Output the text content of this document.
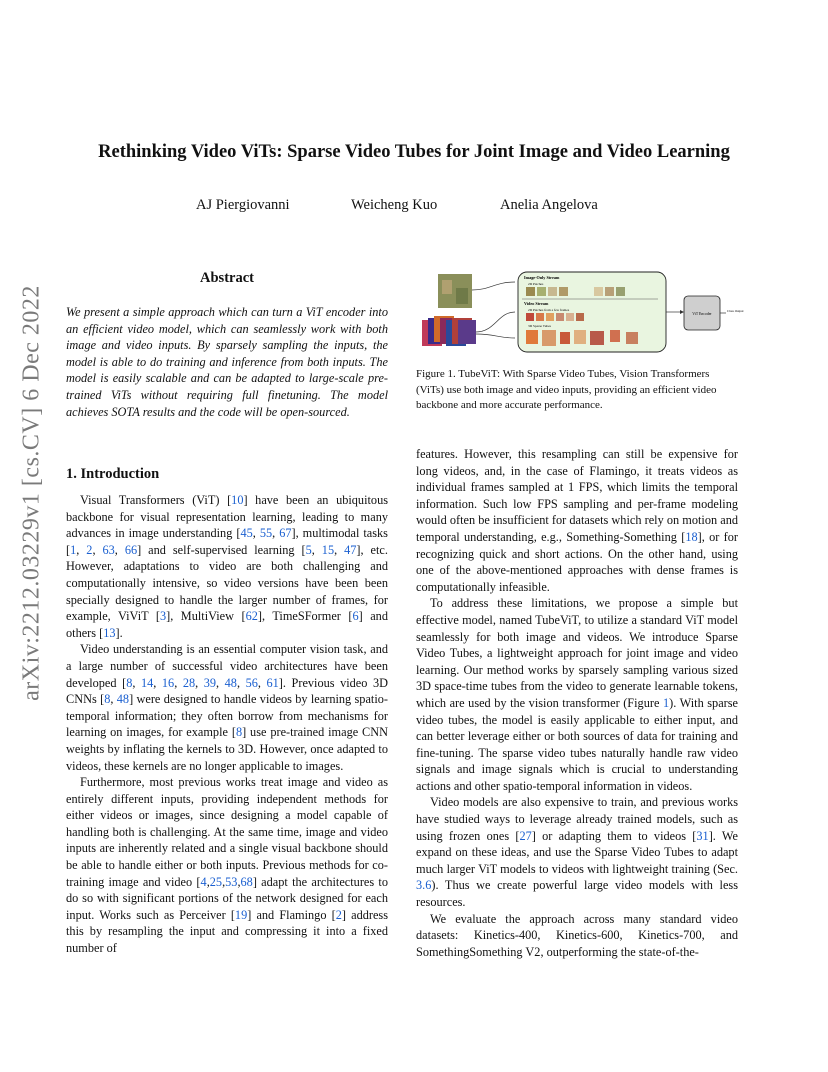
Rethinking Video ViTs: Sparse Video Tubes for Joint Image and Video Learning
AJ Piergiovanni	Weicheng Kuo	Anelia Angelova
arXiv:2212.03229v1 [cs.CV] 6 Dec 2022
Abstract
We present a simple approach which can turn a ViT encoder into an efficient video model, which can seamlessly work with both image and video inputs. By sparsely sampling the inputs, the model is able to do training and inference from both inputs. The model is easily scalable and can be adapted to large-scale pre-trained ViTs without requiring full finetuning. The model achieves SOTA results and the code will be open-sourced.
1. Introduction

Visual Transformers (ViT) [10] have been an ubiquitous backbone for visual representation learning, leading to many advances in image understanding [45, 55, 67], multimodal tasks [1, 2, 63, 66] and self-supervised learning [5, 15, 47], etc. However, adaptations to video are both challenging and computationally intensive, so video versions have been been specially designed to handle the larger number of frames, for example, ViViT [3], MultiView [62], TimeSFormer [6] and others [13].

Video understanding is an essential computer vision task, and a large number of successful video architectures have been developed [8, 14, 16, 28, 39, 48, 56, 61]. Previous video 3D CNNs [8, 48] were designed to handle videos by learning spatio-temporal information; they often borrow from mechanisms for learning on images, for example [8] use pre-trained image CNN weights by inflating the kernels to 3D. However, once adapted to videos, these kernels are no longer applicable to images.

Furthermore, most previous works treat image and video as entirely different inputs, providing independent methods for either videos or images, since designing a model capable of handling both is challenging. At the same time, image and video inputs are inherently related and a single visual backbone should be able to handle either or both inputs. Previous methods for co-training image and video [4,25,53,68] adapt the architectures to do so with significant portions of the network designed for each input. Works such as Perceiver [19] and Flamingo [2] address this by resampling the input and compressing it into a fixed number of

Image-Only Stream
2D Patches
Video Stream
2D Patches from a few frames
3D Sparse Tubes
ViT Encoder
Class Output
Figure 1. TubeViT: With Sparse Video Tubes, Vision Transformers (ViTs) use both image and video inputs, providing an efficient video backbone and more accurate performance.

features. However, this resampling can still be expensive for long videos, and, in the case of Flamingo, it treats videos as individual frames sampled at 1 FPS, which limits the temporal information. Such low FPS sampling and per-frame modeling would often be insufficient for datasets which rely on motion and temporal understanding, e.g., Something-Something [18], or for recognizing quick and short actions. On the other hand, using one of the above-mentioned approaches with dense frames is computationally infeasible.

To address these limitations, we propose a simple but effective model, named TubeViT, to utilize a standard ViT model seamlessly for both image and videos. We introduce Sparse Video Tubes, a lightweight approach for joint image and video learning. Our method works by sparsely sampling various sized 3D space-time tubes from the video to generate learnable tokens, which are used by the vision transformer (Figure 1). With sparse video tubes, the model is easily applicable to either input, and can better leverage either or both sources of data for training and fine-tuning. The sparse video tubes naturally handle raw video signals and image signals which is crucial to understanding actions and other spatio-temporal information in videos.

Video models are also expensive to train, and previous works have studied ways to leverage already trained models, such as using frozen ones [27] or adapting them to videos [31]. We expand on these ideas, and use the Sparse Video Tubes to adapt much larger ViT models to videos with lightweight training (Sec. 3.6). Thus we create powerful large video models with less resources.

We evaluate the approach across many standard video datasets: Kinetics-400, Kinetics-600, Kinetics-700, and SomethingSomething V2, outperforming the state-of-the-
